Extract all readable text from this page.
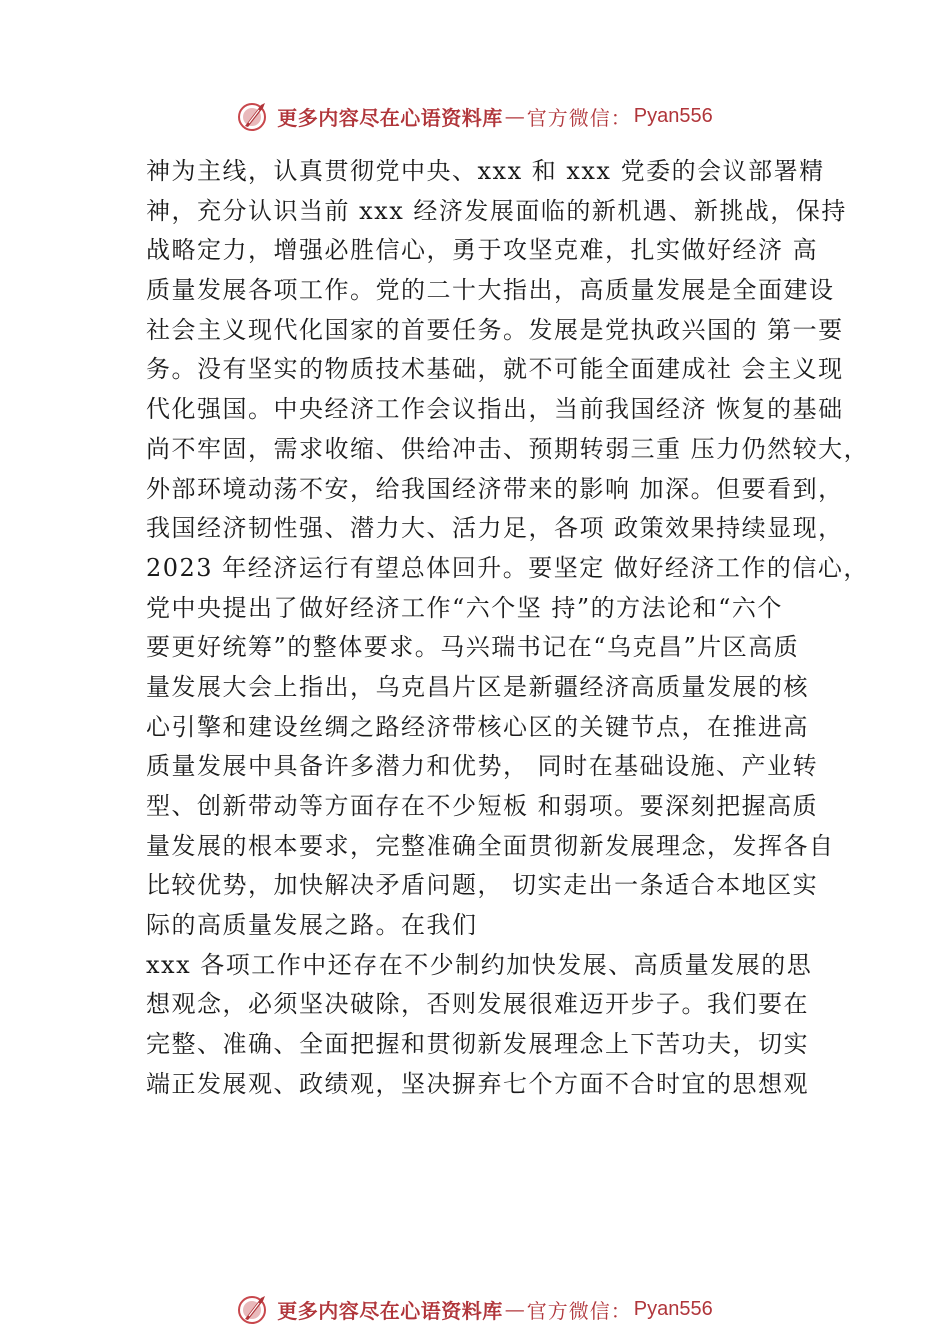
更多内容尽在心语资料库 — 官方微信： Pyan556
神为主线，认真贯彻党中央、xxx 和 xxx 党委的会议部署精
神，充分认识当前 xxx 经济发展面临的新机遇、新挑战，保持
战略定力，增强必胜信心，勇于攻坚克难，扎实做好经济 高
质量发展各项工作。党的二十大指出，高质量发展是全面建设
社会主义现代化国家的首要任务。发展是党执政兴国的 第一要
务。没有坚实的物质技术基础，就不可能全面建成社 会主义现
代化强国。中央经济工作会议指出，当前我国经济 恢复的基础
尚不牢固，需求收缩、供给冲击、预期转弱三重 压力仍然较大，
外部环境动荡不安，给我国经济带来的影响 加深。但要看到，
我国经济韧性强、潜力大、活力足，各项 政策效果持续显现，
2023 年经济运行有望总体回升。要坚定 做好经济工作的信心，
党中央提出了做好经济工作“六个坚 持”的方法论和“六个
要更好统筹”的整体要求。马兴瑞书记在“乌克昌”片区高质
量发展大会上指出，乌克昌片区是新疆经济高质量发展的核
心引擎和建设丝绸之路经济带核心区的关键节点，在推进高
质量发展中具备许多潜力和优势， 同时在基础设施、产业转
型、创新带动等方面存在不少短板 和弱项。要深刻把握高质
量发展的根本要求，完整准确全面贯彻新发展理念，发挥各自
比较优势，加快解决矛盾问题， 切实走出一条适合本地区实
际的高质量发展之路。在我们
xxx 各项工作中还存在不少制约加快发展、高质量发展的思
想观念，必须坚决破除，否则发展很难迈开步子。我们要在
完整、准确、全面把握和贯彻新发展理念上下苦功夫，切实
端正发展观、政绩观，坚决摒弃七个方面不合时宜的思想观
更多内容尽在心语资料库 — 官方微信： Pyan556
